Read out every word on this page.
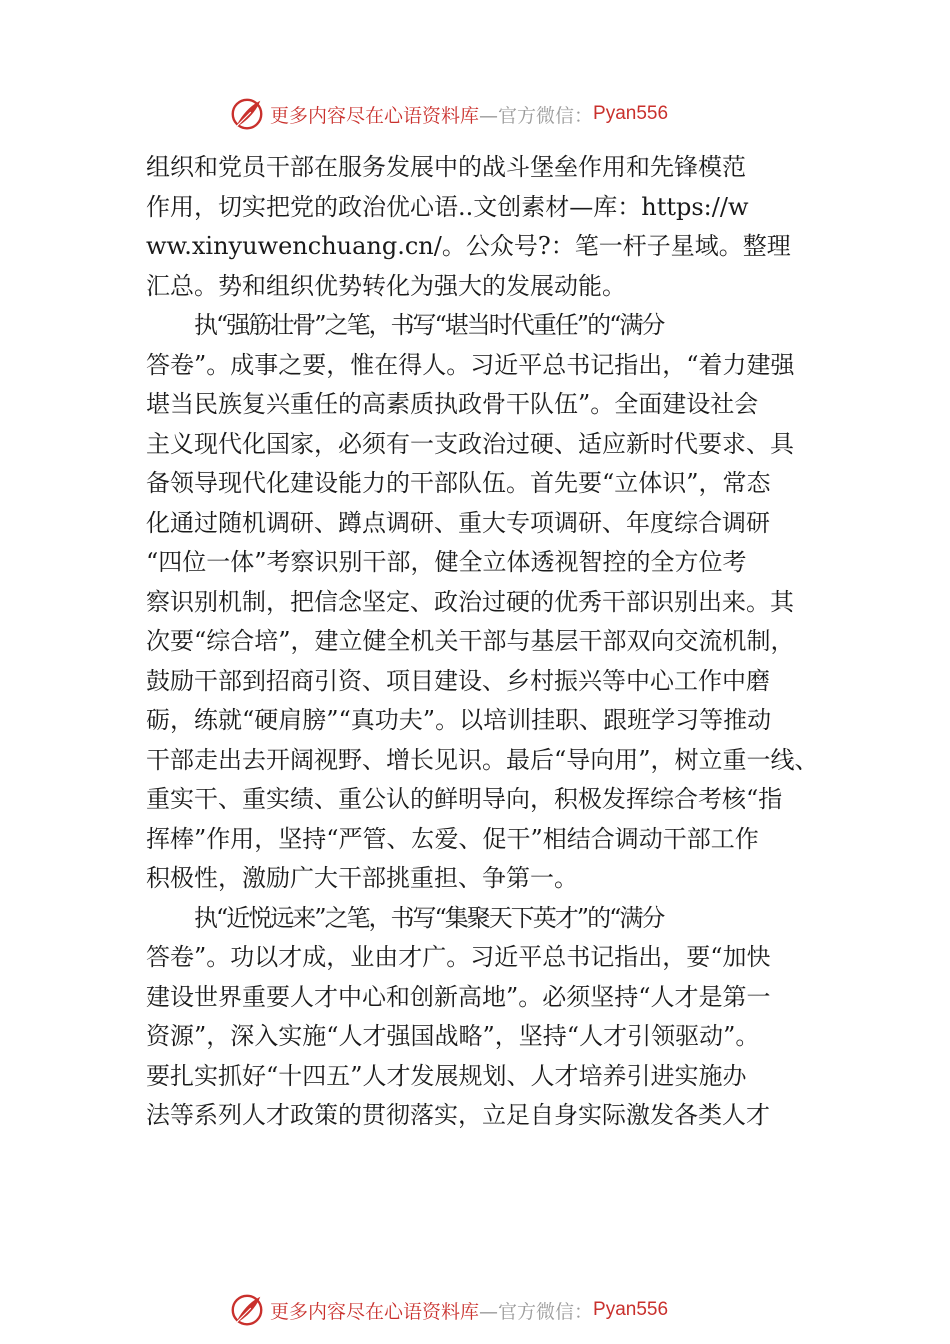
更多内容尽在心语资料库 —官方微信： Pyan556
组织和党员干部在服务发展中的战斗堡垒作用和先锋模范
作用，切实把党的政治优心语..文创素材—库：https://w
ww.xinyuwenchuang.cn/。公众号?：笔一杆子星域。整理
汇总。势和组织优势转化为强大的发展动能。
执“强筋壮骨”之笔，书写“堪当时代重任”的“满分
答卷”。成事之要，惟在得人。习近平总书记指出，“着力建强
堪当民族复兴重任的高素质执政骨干队伍”。全面建设社会
主义现代化国家，必须有一支政治过硬、适应新时代要求、具
备领导现代化建设能力的干部队伍。首先要“立体识”，常态
化通过随机调研、蹲点调研、重大专项调研、年度综合调研
“四位一体”考察识别干部，健全立体透视智控的全方位考
察识别机制，把信念坚定、政治过硬的优秀干部识别出来。其
次要“综合培”，建立健全机关干部与基层干部双向交流机制，
鼓励干部到招商引资、项目建设、乡村振兴等中心工作中磨
砺，练就“硬肩膀”“真功夫”。以培训挂职、跟班学习等推动
干部走出去开阔视野、增长见识。最后“导向用”，树立重一线、
重实干、重实绩、重公认的鲜明导向，积极发挥综合考核“指
挥棒”作用，坚持“严管、厷爱、促干”相结合调动干部工作
积极性，激励广大干部挑重担、争第一。
执“近悦远来”之笔，书写“集聚天下英才”的“满分
答卷”。功以才成，业由才广。习近平总书记指出，要“加快
建设世界重要人才中心和创新高地”。必须坚持“人才是第一
资源”，深入实施“人才强国战略”，坚持“人才引领驱动”。
要扎实抓好“十四五”人才发展规划、人才培养引进实施办
法等系列人才政策的贯彻落实，立足自身实际激发各类人才
更多内容尽在心语资料库 —官方微信： Pyan556
